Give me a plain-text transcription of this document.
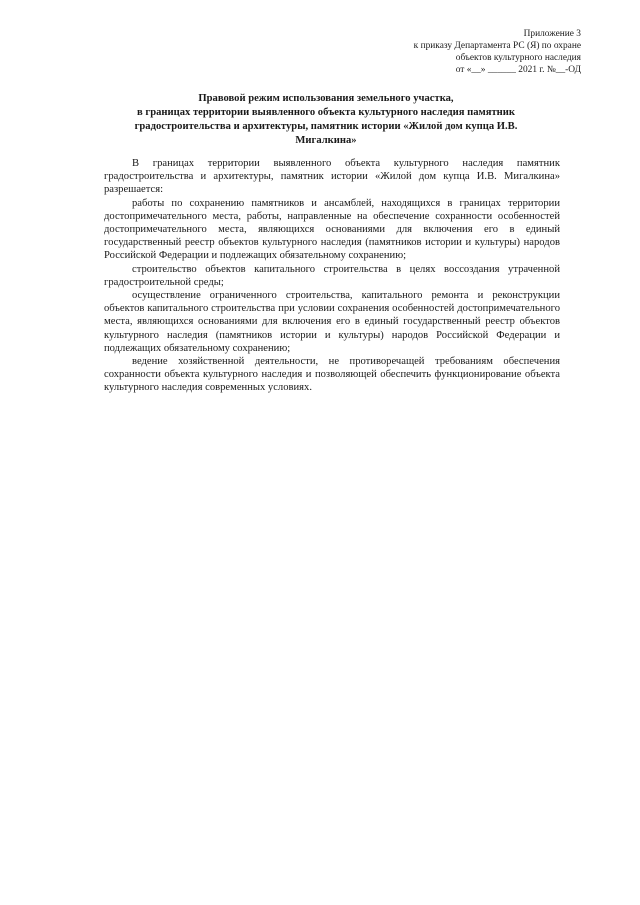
Приложение 3
к приказу Департамента РС (Я) по охране
объектов культурного наследия
от «__» ______ 2021 г. №__-ОД
Правовой режим использования земельного участка,
в границах территории выявленного объекта культурного наследия памятник
градостроительства и архитектуры, памятник истории «Жилой дом купца И.В.
Мигалкина»

В границах территории выявленного объекта культурного наследия памятник градостроительства и архитектуры, памятник истории «Жилой дом купца И.В. Мигалкина» разрешается:

работы по сохранению памятников и ансамблей, находящихся в границах территории достопримечательного места, работы, направленные на обеспечение сохранности особенностей достопримечательного места, являющихся основаниями для включения его в единый государственный реестр объектов культурного наследия (памятников истории и культуры) народов Российской Федерации и подлежащих обязательному сохранению;

строительство объектов капитального строительства в целях воссоздания утраченной градостроительной среды;

осуществление ограниченного строительства, капитального ремонта и реконструкции объектов капитального строительства при условии сохранения особенностей достопримечательного места, являющихся основаниями для включения его в единый государственный реестр объектов культурного наследия (памятников истории и культуры) народов Российской Федерации и подлежащих обязательному сохранению;

ведение хозяйственной деятельности, не противоречащей требованиям обеспечения сохранности объекта культурного наследия и позволяющей обеспечить функционирование объекта культурного наследия современных условиях.
